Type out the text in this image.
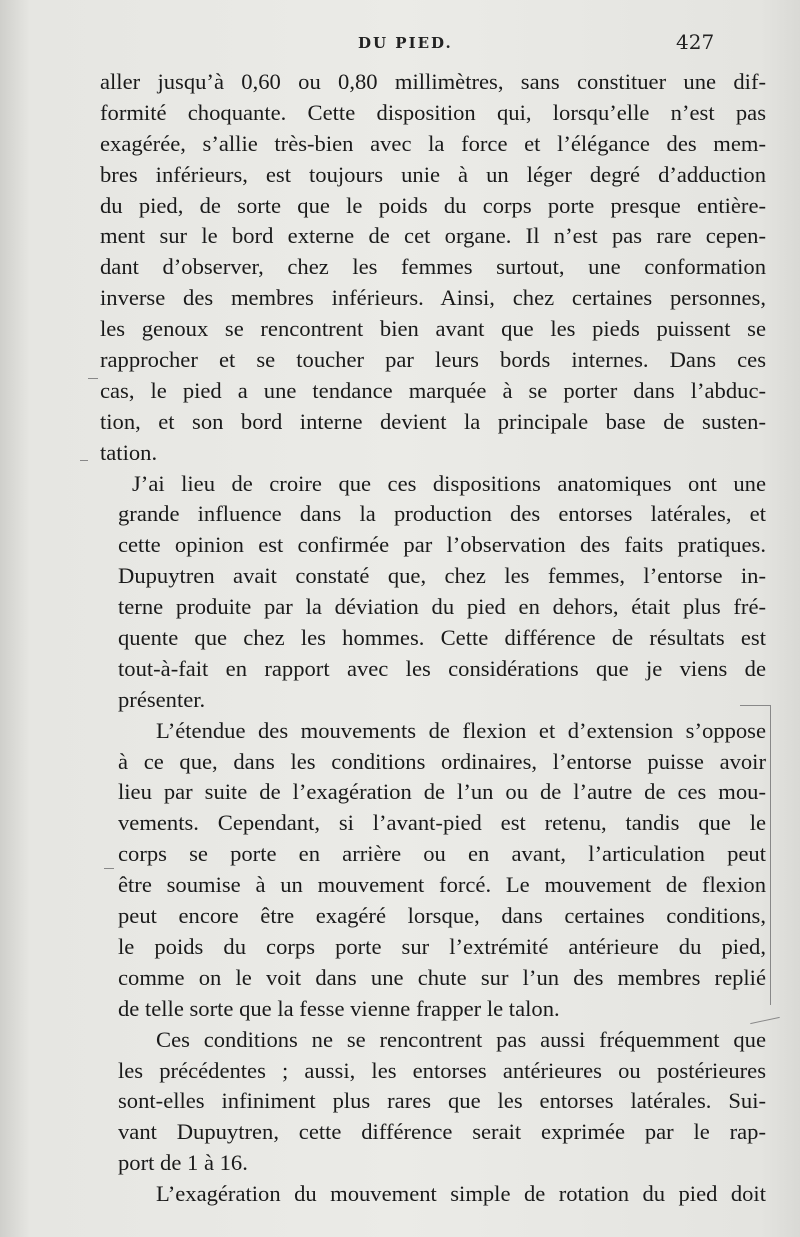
DU PIED.	427
aller jusqu’à 0,60 ou 0,80 millimètres, sans constituer une dif-
formité choquante. Cette disposition qui, lorsqu’elle n’est pas
exagérée, s’allie très-bien avec la force et l’élégance des mem-
bres inférieurs, est toujours unie à un léger degré d’adduction
du pied, de sorte que le poids du corps porte presque entière-
ment sur le bord externe de cet organe. Il n’est pas rare cepen-
dant d’observer, chez les femmes surtout, une conformation
inverse des membres inférieurs. Ainsi, chez certaines personnes,
les genoux se rencontrent bien avant que les pieds puissent se
rapprocher et se toucher par leurs bords internes. Dans ces
cas, le pied a une tendance marquée à se porter dans l’abduc-
tion, et son bord interne devient la principale base de susten-
tation.
J’ai lieu de croire que ces dispositions anatomiques ont une
grande influence dans la production des entorses latérales, et
cette opinion est confirmée par l’observation des faits pratiques.
Dupuytren avait constaté que, chez les femmes, l’entorse in-
terne produite par la déviation du pied en dehors, était plus fré-
quente que chez les hommes. Cette différence de résultats est
tout-à-fait en rapport avec les considérations que je viens de
présenter.
L’étendue des mouvements de flexion et d’extension s’oppose
à ce que, dans les conditions ordinaires, l’entorse puisse avoir
lieu par suite de l’exagération de l’un ou de l’autre de ces mou-
vements. Cependant, si l’avant-pied est retenu, tandis que le
corps se porte en arrière ou en avant, l’articulation peut
être soumise à un mouvement forcé. Le mouvement de flexion
peut encore être exagéré lorsque, dans certaines conditions,
le poids du corps porte sur l’extrémité antérieure du pied,
comme on le voit dans une chute sur l’un des membres replié
de telle sorte que la fesse vienne frapper le talon.
Ces conditions ne se rencontrent pas aussi fréquemment que
les précédentes ; aussi, les entorses antérieures ou postérieures
sont-elles infiniment plus rares que les entorses latérales. Sui-
vant Dupuytren, cette différence serait exprimée par le rap-
port de 1 à 16.
L’exagération du mouvement simple de rotation du pied doit
